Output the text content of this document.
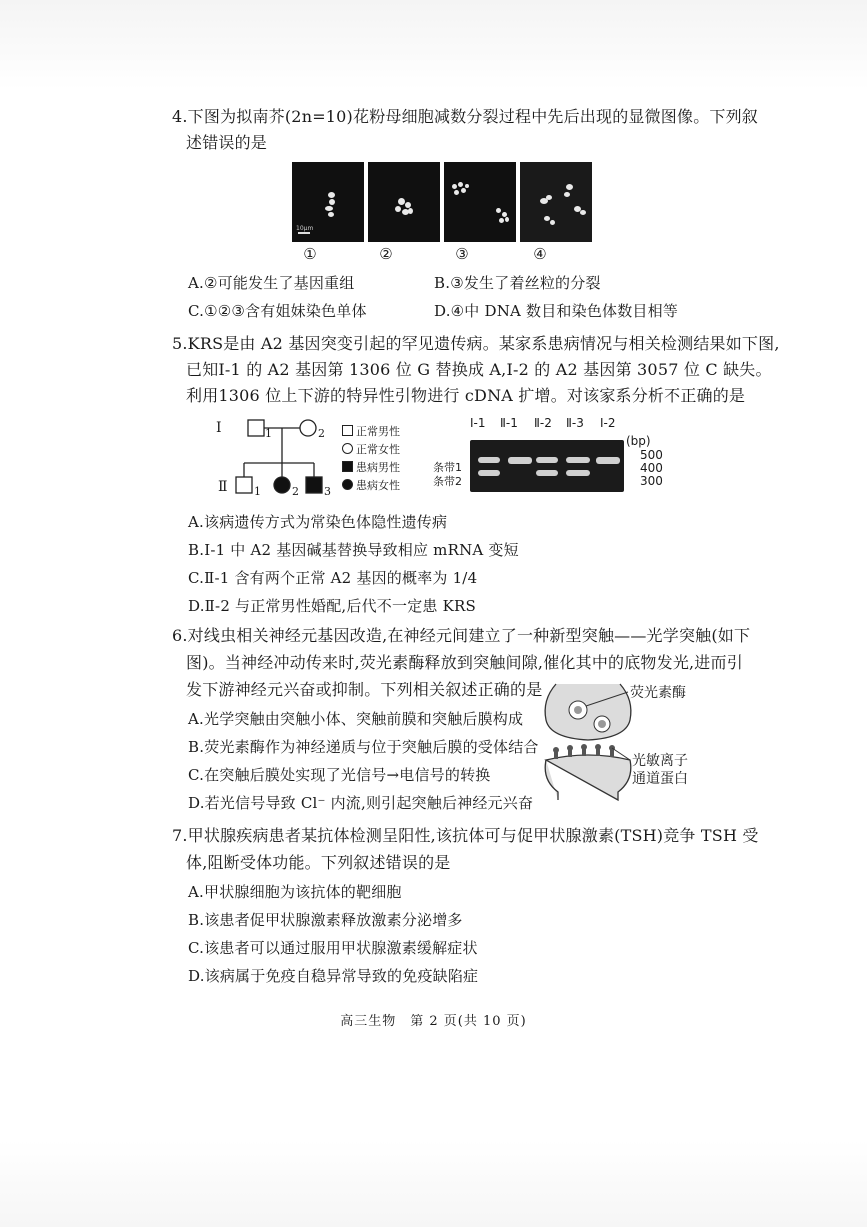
4.下图为拟南芥(2n=10)花粉母细胞减数分裂过程中先后出现的显微图像。下列叙
述错误的是
10μm
①	②	③	④
A.②可能发生了基因重组	B.③发生了着丝粒的分裂
C.①②③含有姐妹染色单体	D.④中 DNA 数目和染色体数目相等
5.KRS是由 A2 基因突变引起的罕见遗传病。某家系患病情况与相关检测结果如下图,
已知Ⅰ-1 的 A2 基因第 1306 位 G 替换成 A,Ⅰ-2 的 A2 基因第 3057 位 C 缺失。
利用1306 位上下游的特异性引物进行 cDNA 扩增。对该家系分析不正确的是
Ⅰ
Ⅱ
1	2
1	2 3
正常男性
正常女性
患病男性
患病女性
Ⅰ-1 Ⅱ-1 Ⅱ-2 Ⅱ-3 Ⅰ-2
(bp)
500
400
300
条带1
条带2
A.该病遗传方式为常染色体隐性遗传病
B.Ⅰ-1 中 A2 基因碱基替换导致相应 mRNA 变短
C.Ⅱ-1 含有两个正常 A2 基因的概率为 1/4
D.Ⅱ-2 与正常男性婚配,后代不一定患 KRS
6.对线虫相关神经元基因改造,在神经元间建立了一种新型突触——光学突触(如下
图)。当神经冲动传来时,荧光素酶释放到突触间隙,催化其中的底物发光,进而引
发下游神经元兴奋或抑制。下列相关叙述正确的是	荧光素酶
光敏离子
通道蛋白
A.光学突触由突触小体、突触前膜和突触后膜构成
B.荧光素酶作为神经递质与位于突触后膜的受体结合
C.在突触后膜处实现了光信号→电信号的转换
D.若光信号导致 Cl⁻ 内流,则引起突触后神经元兴奋
7.甲状腺疾病患者某抗体检测呈阳性,该抗体可与促甲状腺激素(TSH)竞争 TSH 受
体,阻断受体功能。下列叙述错误的是
A.甲状腺细胞为该抗体的靶细胞
B.该患者促甲状腺激素释放激素分泌增多
C.该患者可以通过服用甲状腺激素缓解症状
D.该病属于免疫自稳异常导致的免疫缺陷症
高三生物　第 2 页(共 10 页)
